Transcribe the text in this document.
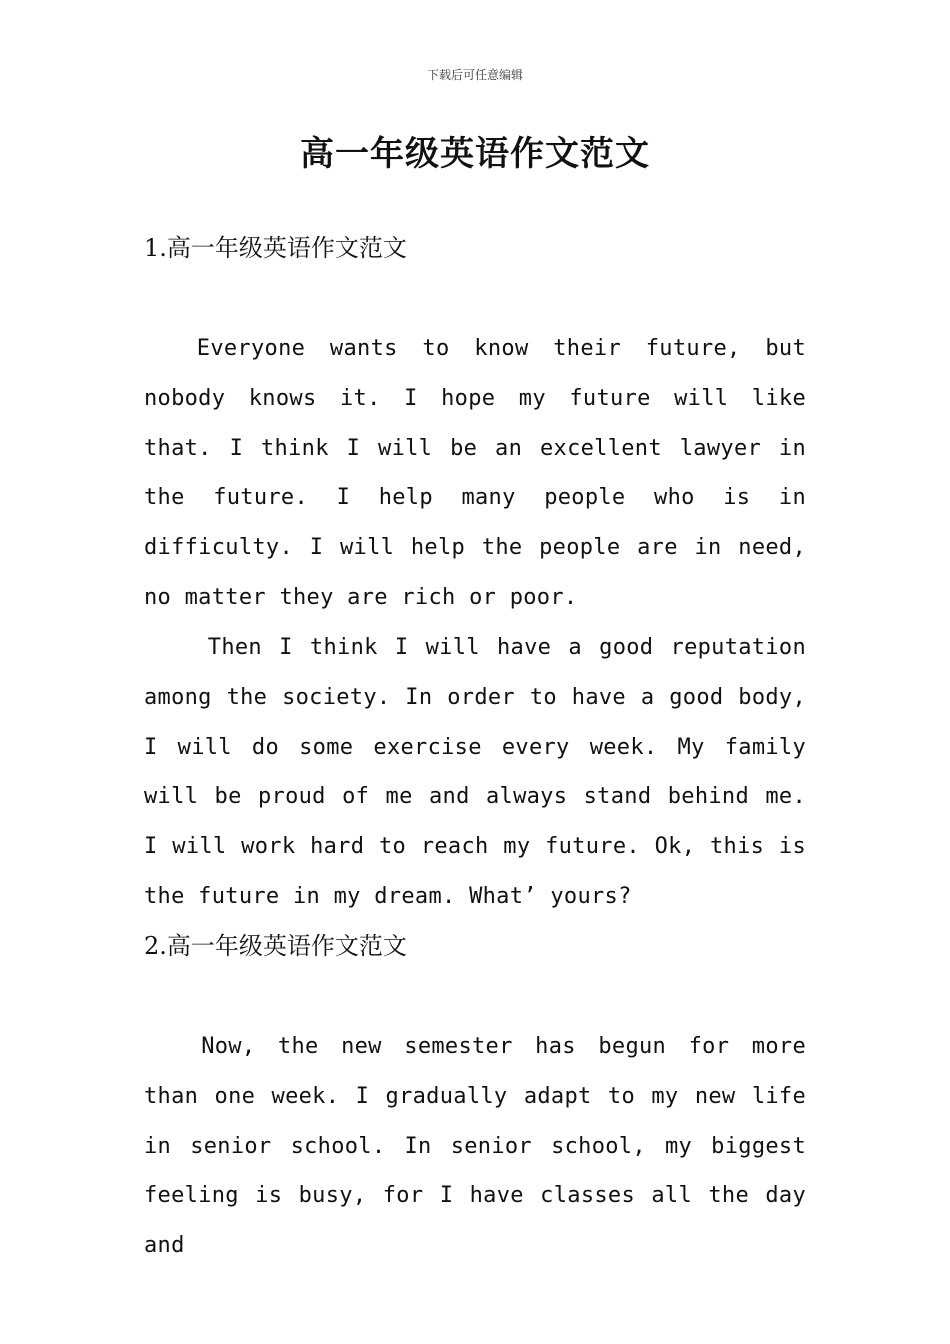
下载后可任意编辑
高一年级英语作文范文
1.高一年级英语作文范文

Everyone wants to know their future, but nobody knows it. I hope my future will like that. I think I will be an excellent lawyer in the future. I help many people who is in difficulty. I will help the people are in need, no matter they are rich or poor.

Then I think I will have a good reputation among the society. In order to have a good body, I will do some exercise every week. My family will be proud of me and always stand behind me. I will work hard to reach my future. Ok, this is the future in my dream. What’ yours?

2.高一年级英语作文范文

Now, the new semester has begun for more than one week. I gradually adapt to my new life in senior school. In senior school, my biggest feeling is busy, for I have classes all the day and
